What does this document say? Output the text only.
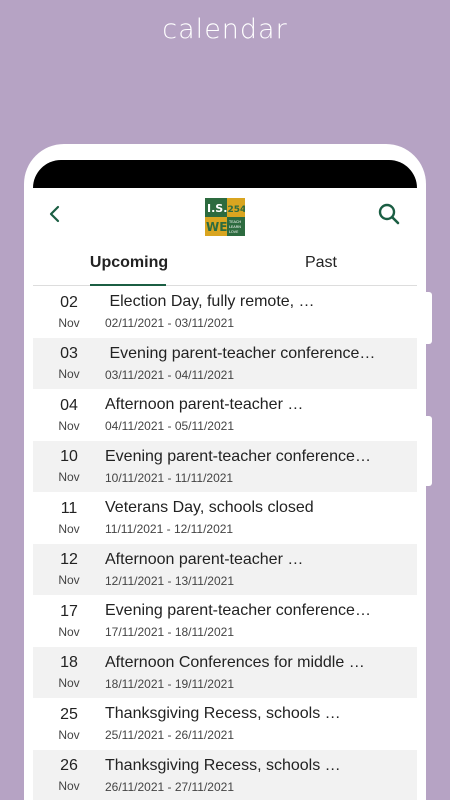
calendar
I.S.
WE
254
TEACH
LEARN
LOVE
Upcoming	Past
02
Nov
Election Day, fully remote, …
02/11/2021 - 03/11/2021
03
Nov
Evening parent-teacher conference…
03/11/2021 - 04/11/2021
04
Nov
Afternoon parent-teacher …
04/11/2021 - 05/11/2021
10
Nov
Evening parent-teacher conference…
10/11/2021 - 11/11/2021
11
Nov
Veterans Day, schools closed
11/11/2021 - 12/11/2021
12
Nov
Afternoon parent-teacher …
12/11/2021 - 13/11/2021
17
Nov
Evening parent-teacher conference…
17/11/2021 - 18/11/2021
18
Nov
Afternoon Conferences for middle …
18/11/2021 - 19/11/2021
25
Nov
Thanksgiving Recess, schools …
25/11/2021 - 26/11/2021
26
Nov
Thanksgiving Recess, schools …
26/11/2021 - 27/11/2021
